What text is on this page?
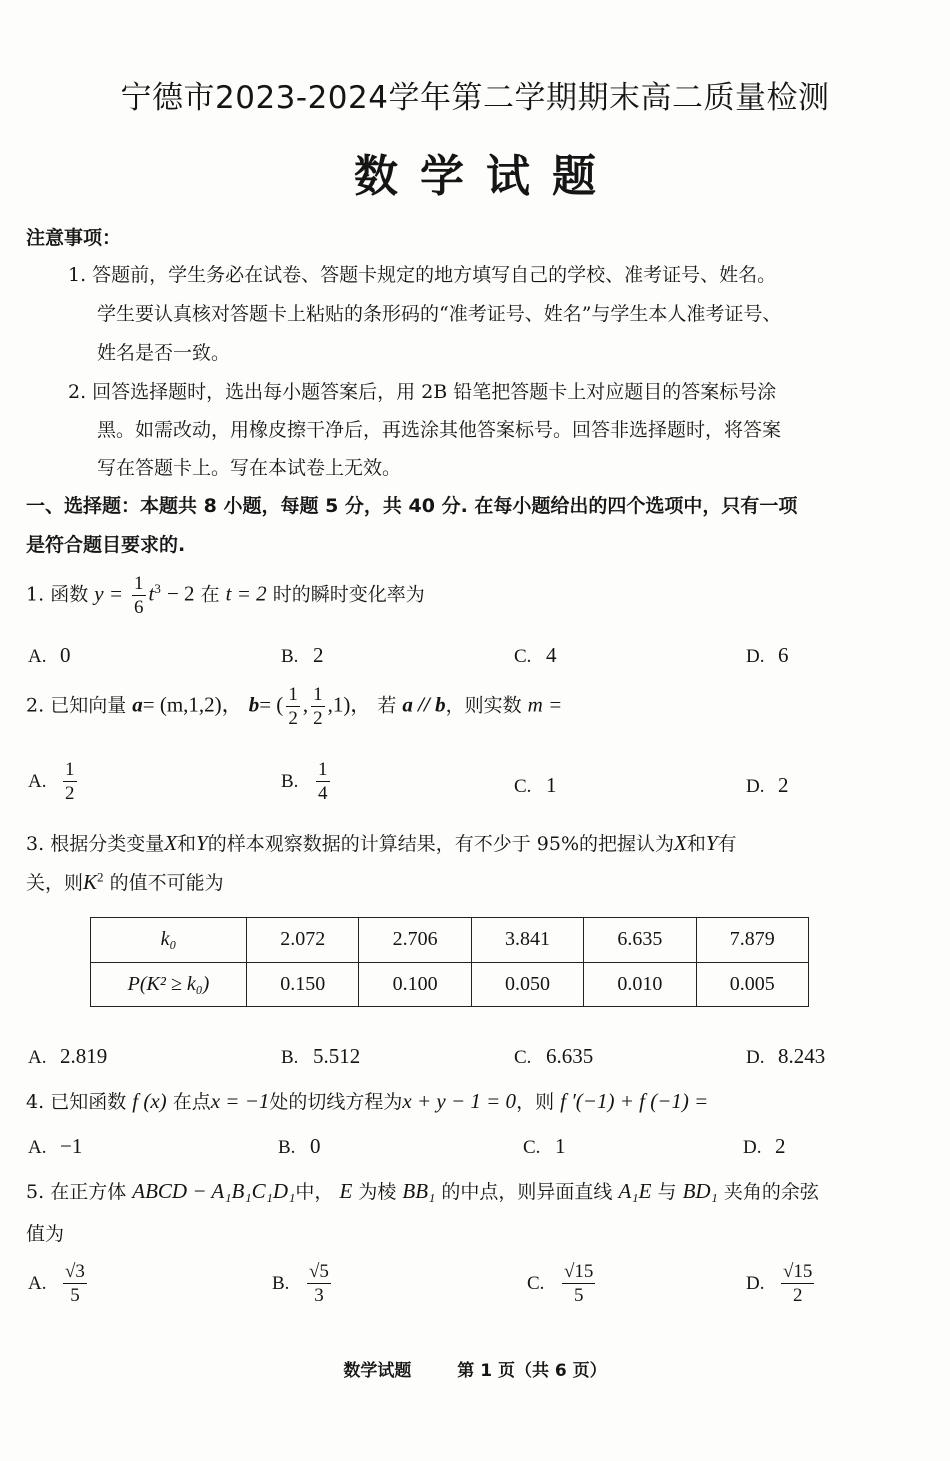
宁德市2023-2024学年第二学期期末高二质量检测
数学试题
注意事项：
1. 答题前，学生务必在试卷、答题卡规定的地方填写自己的学校、准考证号、姓名。
学生要认真核对答题卡上粘贴的条形码的“准考证号、姓名”与学生本人准考证号、
姓名是否一致。
2. 回答选择题时，选出每小题答案后，用 2B 铅笔把答题卡上对应题目的答案标号涂
黑。如需改动，用橡皮擦干净后，再选涂其他答案标号。回答非选择题时，将答案
写在答题卡上。写在本试卷上无效。
一、选择题：本题共 8 小题，每题 5 分，共 40 分. 在每小题给出的四个选项中，只有一项
是符合题目要求的.
1. 函数 $y = \frac{1}{6} t^3 - 2$ 在 t = 2 时的瞬时变化率为
A. 0	B. 2	C. 4	D. 6
2. 已知向量 a= (m,1,2)， b= ( $\frac{1}{2}$ , $\frac{1}{2} ,1$)， 若 a // b，则实数 m =
A. $\frac{1}{2}$	B. $\frac{1}{4}$	C. 1	D. 2
3. 根据分类变量X和Y的样本观察数据的计算结果，有不少于 95%的把握认为X和Y有
关，则$K^2$ 的值不可能为
k₀	2.072	2.706	3.841	6.635	7.879
P(K² ≥ k₀)	0.150	0.100	0.050	0.010	0.005
A. 2.819	B. 5.512	C. 6.635	D. 8.243
4. 已知函数 f (x) 在点x = −1处的切线方程为x + y − 1 = 0，则 f ′(−1) + f (−1) =
A. −1	B. 0	C. 1	D. 2
5. 在正方体 ABCD − A₁B₁C₁D₁中， E 为棱 BB₁ 的中点，则异面直线 A₁E 与 BD₁ 夹角的余弦
值为
A. $\frac{√3}{5}$	B. $\frac{√5}{3}$	C. $\frac{√15}{5}$	D. $\frac{√15}{2}$
数学试题	第 1 页（共 6 页）
